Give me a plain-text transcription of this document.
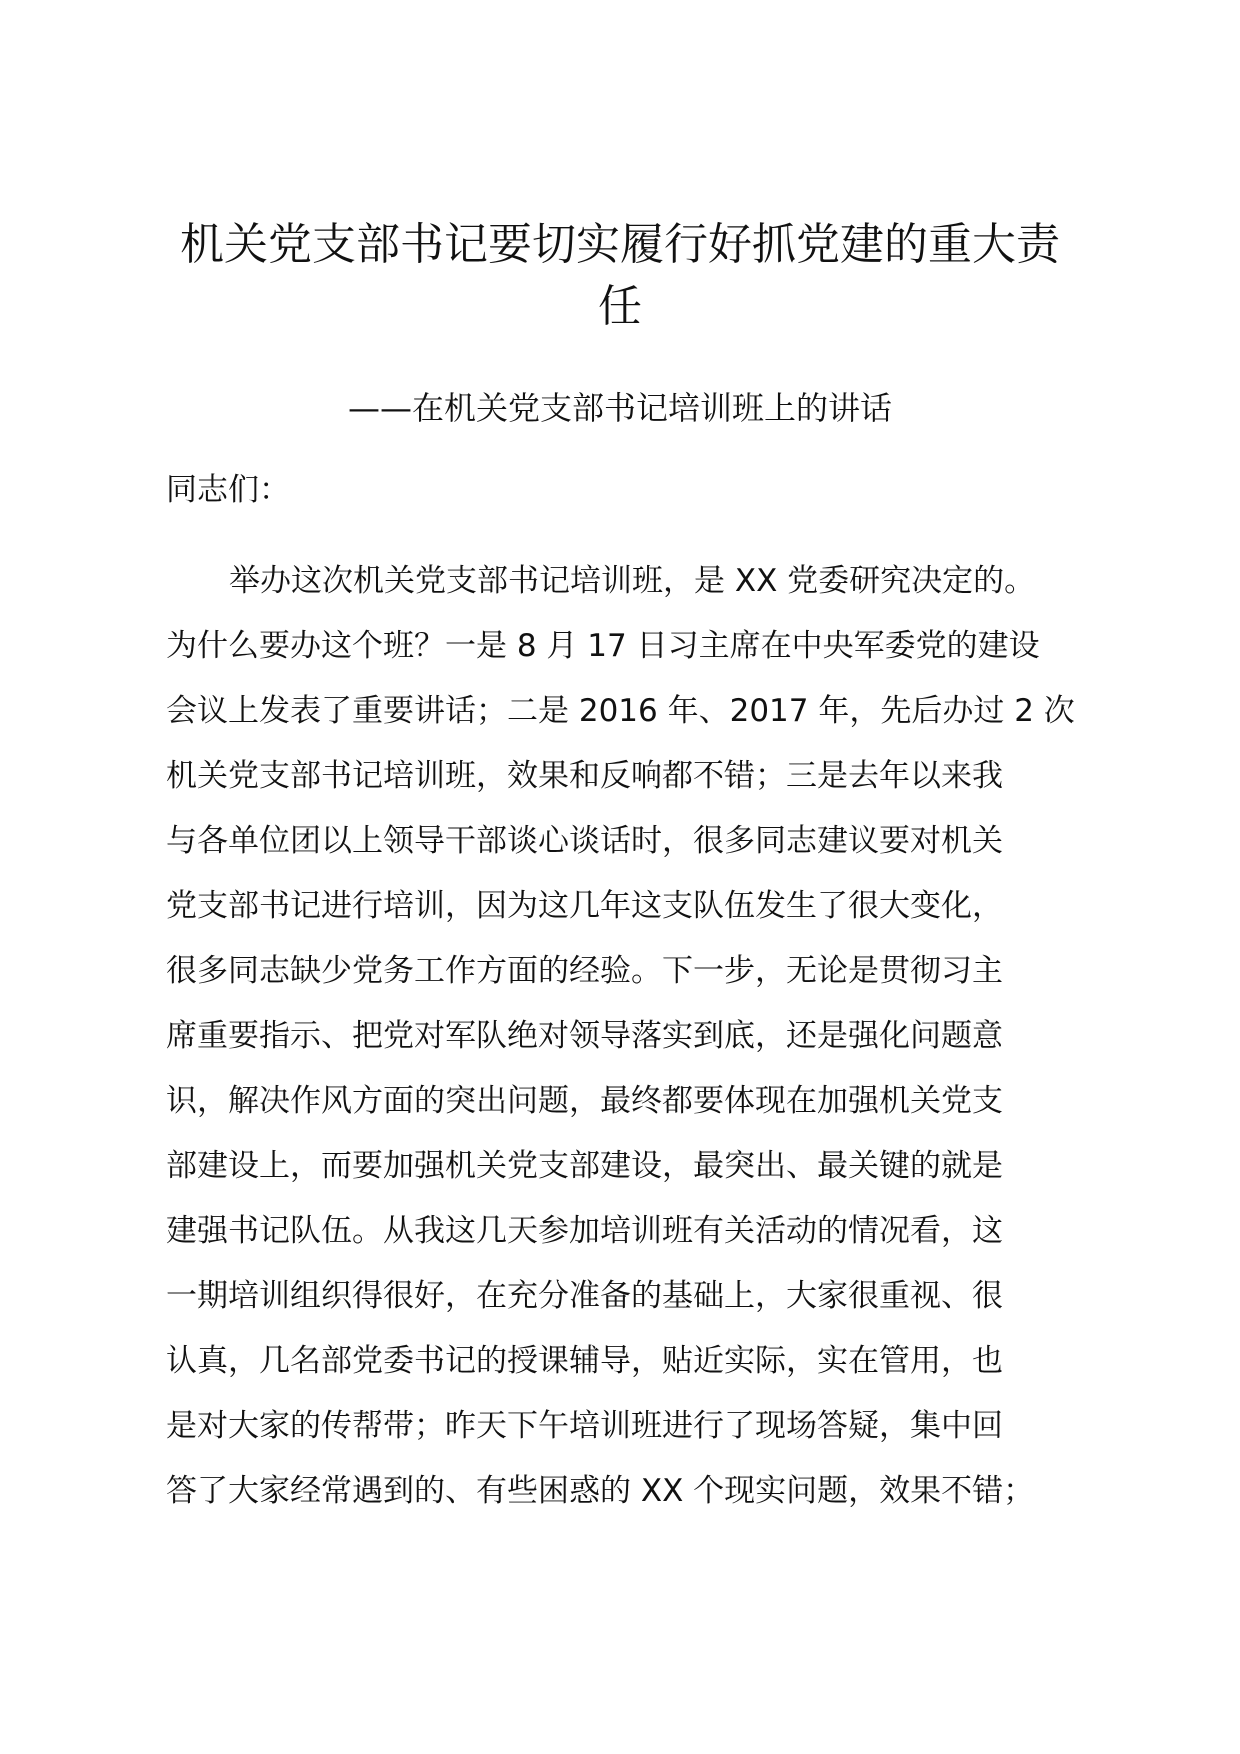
机关党支部书记要切实履行好抓党建的重大责
任

——在机关党支部书记培训班上的讲话

同志们：

举办这次机关党支部书记培训班，是 XX 党委研究决定的。
为什么要办这个班？一是 8 月 17 日习主席在中央军委党的建设
会议上发表了重要讲话；二是 2016 年、2017 年，先后办过 2 次
机关党支部书记培训班，效果和反响都不错；三是去年以来我
与各单位团以上领导干部谈心谈话时，很多同志建议要对机关
党支部书记进行培训，因为这几年这支队伍发生了很大变化，
很多同志缺少党务工作方面的经验。下一步，无论是贯彻习主
席重要指示、把党对军队绝对领导落实到底，还是强化问题意
识，解决作风方面的突出问题，最终都要体现在加强机关党支
部建设上，而要加强机关党支部建设，最突出、最关键的就是
建强书记队伍。从我这几天参加培训班有关活动的情况看，这
一期培训组织得很好，在充分准备的基础上，大家很重视、很
认真，几名部党委书记的授课辅导，贴近实际，实在管用，也
是对大家的传帮带；昨天下午培训班进行了现场答疑，集中回
答了大家经常遇到的、有些困惑的 XX 个现实问题，效果不错；
